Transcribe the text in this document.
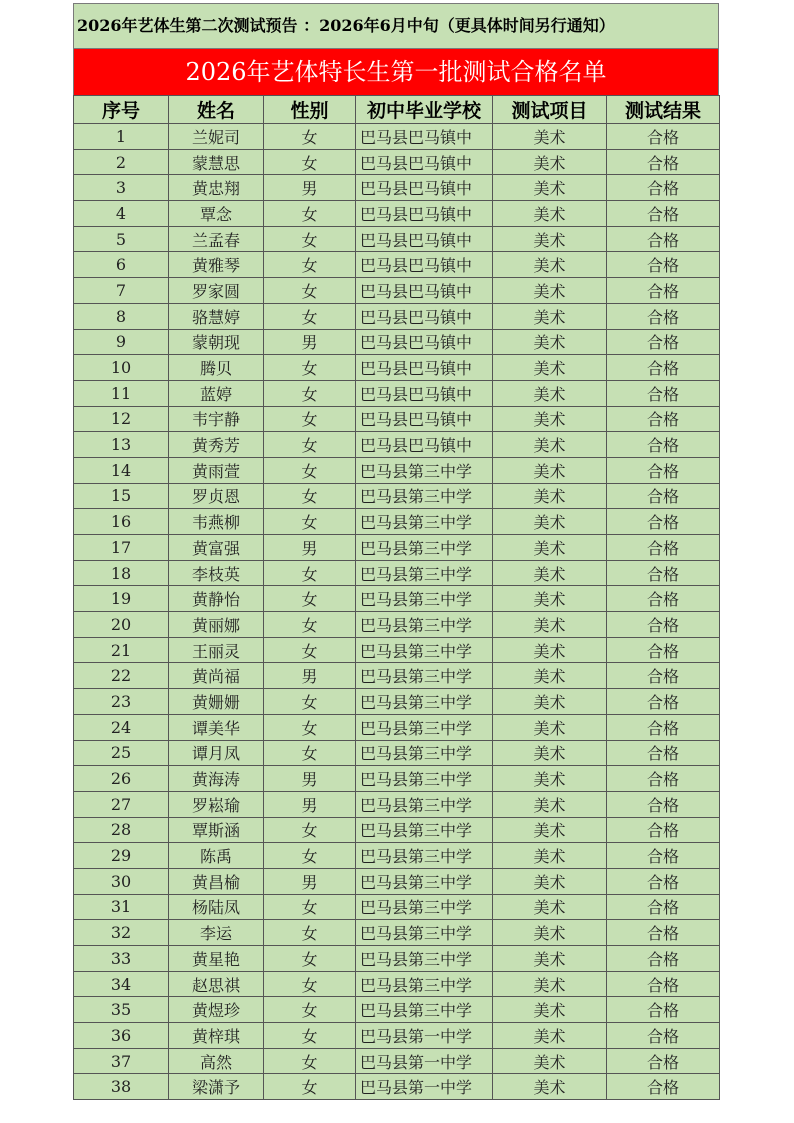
2026年艺体生第二次测试预告 ：2026年6月中旬（更具体时间另行通知）
2026年艺体特长生第一批测试合格名单
序号	姓名	性别	初中毕业学校	测试项目	测试结果
1	兰妮司	女	巴马县巴马镇中	美术	合格
2	蒙慧思	女	巴马县巴马镇中	美术	合格
3	黄忠翔	男	巴马县巴马镇中	美术	合格
4	覃念	女	巴马县巴马镇中	美术	合格
5	兰孟春	女	巴马县巴马镇中	美术	合格
6	黄雅琴	女	巴马县巴马镇中	美术	合格
7	罗家圆	女	巴马县巴马镇中	美术	合格
8	骆慧婷	女	巴马县巴马镇中	美术	合格
9	蒙朝现	男	巴马县巴马镇中	美术	合格
10	腾贝	女	巴马县巴马镇中	美术	合格
11	蓝婷	女	巴马县巴马镇中	美术	合格
12	韦宇静	女	巴马县巴马镇中	美术	合格
13	黄秀芳	女	巴马县巴马镇中	美术	合格
14	黄雨萱	女	巴马县第三中学	美术	合格
15	罗贞恩	女	巴马县第三中学	美术	合格
16	韦燕柳	女	巴马县第三中学	美术	合格
17	黄富强	男	巴马县第三中学	美术	合格
18	李枝英	女	巴马县第三中学	美术	合格
19	黄静怡	女	巴马县第三中学	美术	合格
20	黄丽娜	女	巴马县第三中学	美术	合格
21	王丽灵	女	巴马县第三中学	美术	合格
22	黄尚福	男	巴马县第三中学	美术	合格
23	黄姗姗	女	巴马县第三中学	美术	合格
24	谭美华	女	巴马县第三中学	美术	合格
25	谭月凤	女	巴马县第三中学	美术	合格
26	黄海涛	男	巴马县第三中学	美术	合格
27	罗崧瑜	男	巴马县第三中学	美术	合格
28	覃斯涵	女	巴马县第三中学	美术	合格
29	陈禹	女	巴马县第三中学	美术	合格
30	黄昌榆	男	巴马县第三中学	美术	合格
31	杨陆凤	女	巴马县第三中学	美术	合格
32	李运	女	巴马县第三中学	美术	合格
33	黄星艳	女	巴马县第三中学	美术	合格
34	赵思祺	女	巴马县第三中学	美术	合格
35	黄煜珍	女	巴马县第三中学	美术	合格
36	黄梓琪	女	巴马县第一中学	美术	合格
37	高然	女	巴马县第一中学	美术	合格
38	梁潇予	女	巴马县第一中学	美术	合格
